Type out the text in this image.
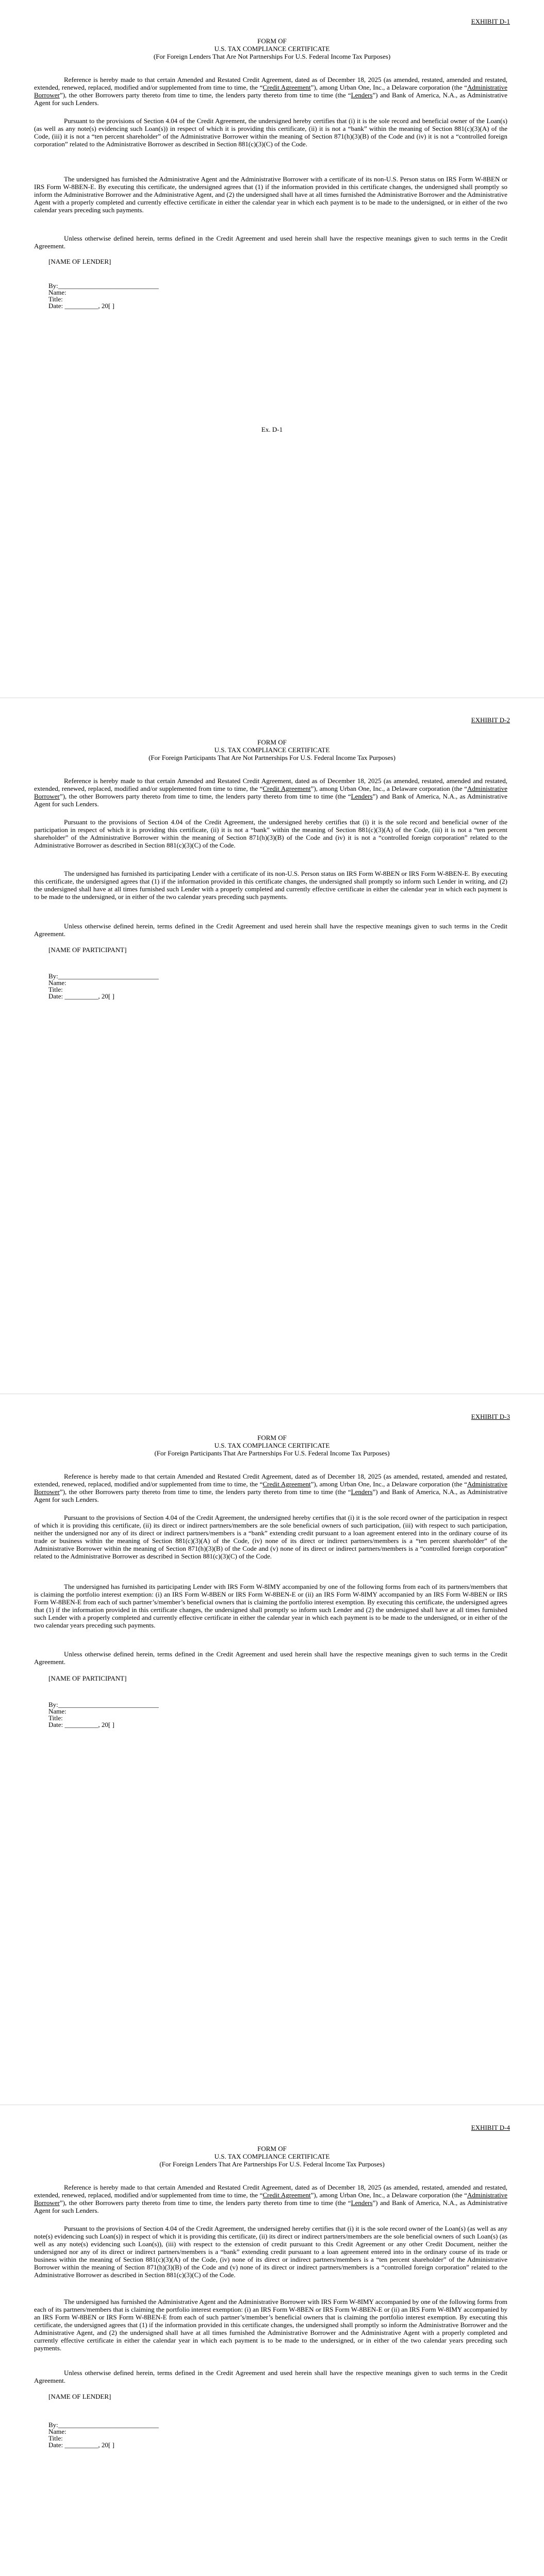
EXHIBIT D-1
FORM OF
U.S. TAX COMPLIANCE CERTIFICATE
(For Foreign Lenders That Are Not Partnerships For U.S. Federal Income Tax Purposes)

Reference is hereby made to that certain Amended and Restated Credit Agreement, dated as of December 18, 2025 (as amended, restated, amended and restated, extended, renewed, replaced, modified and/or supplemented from time to time, the “Credit Agreement”), among Urban One, Inc., a Delaware corporation (the “Administrative Borrower”), the other Borrowers party thereto from time to time, the lenders party thereto from time to time (the “Lenders”) and Bank of America, N.A., as Administrative Agent for such Lenders.

Pursuant to the provisions of Section 4.04 of the Credit Agreement, the undersigned hereby certifies that (i) it is the sole record and beneficial owner of the Loan(s) (as well as any note(s) evidencing such Loan(s)) in respect of which it is providing this certificate, (ii) it is not a “bank” within the meaning of Section 881(c)(3)(A) of the Code, (iii) it is not a “ten percent shareholder” of the Administrative Borrower within the meaning of Section 871(h)(3)(B) of the Code and (iv) it is not a “controlled foreign corporation” related to the Administrative Borrower as described in Section 881(c)(3)(C) of the Code.

The undersigned has furnished the Administrative Agent and the Administrative Borrower with a certificate of its non-U.S. Person status on IRS Form W-8BEN or IRS Form W-8BEN-E. By executing this certificate, the undersigned agrees that (1) if the information provided in this certificate changes, the undersigned shall promptly so inform the Administrative Borrower and the Administrative Agent, and (2) the undersigned shall have at all times furnished the Administrative Borrower and the Administrative Agent with a properly completed and currently effective certificate in either the calendar year in which each payment is to be made to the undersigned, or in either of the two calendar years preceding such payments.

Unless otherwise defined herein, terms defined in the Credit Agreement and used herein shall have the respective meanings given to such terms in the Credit Agreement.

[NAME OF LENDER]
By:______________________________
Name:
Title:
Date: __________, 20[ ]
Ex. D-1
EXHIBIT D-2
FORM OF
U.S. TAX COMPLIANCE CERTIFICATE
(For Foreign Participants That Are Not Partnerships For U.S. Federal Income Tax Purposes)

Reference is hereby made to that certain Amended and Restated Credit Agreement, dated as of December 18, 2025 (as amended, restated, amended and restated, extended, renewed, replaced, modified and/or supplemented from time to time, the “Credit Agreement”), among Urban One, Inc., a Delaware corporation (the “Administrative Borrower”), the other Borrowers party thereto from time to time, the lenders party thereto from time to time (the “Lenders”) and Bank of America, N.A., as Administrative Agent for such Lenders.

Pursuant to the provisions of Section 4.04 of the Credit Agreement, the undersigned hereby certifies that (i) it is the sole record and beneficial owner of the participation in respect of which it is providing this certificate, (ii) it is not a “bank” within the meaning of Section 881(c)(3)(A) of the Code, (iii) it is not a “ten percent shareholder” of the Administrative Borrower within the meaning of Section 871(h)(3)(B) of the Code and (iv) it is not a “controlled foreign corporation” related to the Administrative Borrower as described in Section 881(c)(3)(C) of the Code.

The undersigned has furnished its participating Lender with a certificate of its non-U.S. Person status on IRS Form W-8BEN or IRS Form W-8BEN-E. By executing this certificate, the undersigned agrees that (1) if the information provided in this certificate changes, the undersigned shall promptly so inform such Lender in writing, and (2) the undersigned shall have at all times furnished such Lender with a properly completed and currently effective certificate in either the calendar year in which each payment is to be made to the undersigned, or in either of the two calendar years preceding such payments.

Unless otherwise defined herein, terms defined in the Credit Agreement and used herein shall have the respective meanings given to such terms in the Credit Agreement.

[NAME OF PARTICIPANT]
By:______________________________
Name:
Title:
Date: __________, 20[ ]
EXHIBIT D-3
FORM OF
U.S. TAX COMPLIANCE CERTIFICATE
(For Foreign Participants That Are Partnerships For U.S. Federal Income Tax Purposes)

Reference is hereby made to that certain Amended and Restated Credit Agreement, dated as of December 18, 2025 (as amended, restated, amended and restated, extended, renewed, replaced, modified and/or supplemented from time to time, the “Credit Agreement”), among Urban One, Inc., a Delaware corporation (the “Administrative Borrower”), the other Borrowers party thereto from time to time, the lenders party thereto from time to time (the “Lenders”) and Bank of America, N.A., as Administrative Agent for such Lenders.

Pursuant to the provisions of Section 4.04 of the Credit Agreement, the undersigned hereby certifies that (i) it is the sole record owner of the participation in respect of which it is providing this certificate, (ii) its direct or indirect partners/members are the sole beneficial owners of such participation, (iii) with respect to such participation, neither the undersigned nor any of its direct or indirect partners/members is a “bank” extending credit pursuant to a loan agreement entered into in the ordinary course of its trade or business within the meaning of Section 881(c)(3)(A) of the Code, (iv) none of its direct or indirect partners/members is a “ten percent shareholder” of the Administrative Borrower within the meaning of Section 871(h)(3)(B) of the Code and (v) none of its direct or indirect partners/members is a “controlled foreign corporation” related to the Administrative Borrower as described in Section 881(c)(3)(C) of the Code.

The undersigned has furnished its participating Lender with IRS Form W-8IMY accompanied by one of the following forms from each of its partners/members that is claiming the portfolio interest exemption: (i) an IRS Form W-8BEN or IRS Form W-8BEN-E or (ii) an IRS Form W-8IMY accompanied by an IRS Form W-8BEN or IRS Form W-8BEN-E from each of such partner’s/member’s beneficial owners that is claiming the portfolio interest exemption. By executing this certificate, the undersigned agrees that (1) if the information provided in this certificate changes, the undersigned shall promptly so inform such Lender and (2) the undersigned shall have at all times furnished such Lender with a properly completed and currently effective certificate in either the calendar year in which each payment is to be made to the undersigned, or in either of the two calendar years preceding such payments.

Unless otherwise defined herein, terms defined in the Credit Agreement and used herein shall have the respective meanings given to such terms in the Credit Agreement.

[NAME OF PARTICIPANT]
By:______________________________
Name:
Title:
Date: __________, 20[ ]
EXHIBIT D-4
FORM OF
U.S. TAX COMPLIANCE CERTIFICATE
(For Foreign Lenders That Are Partnerships For U.S. Federal Income Tax Purposes)

Reference is hereby made to that certain Amended and Restated Credit Agreement, dated as of December 18, 2025 (as amended, restated, amended and restated, extended, renewed, replaced, modified and/or supplemented from time to time, the “Credit Agreement”), among Urban One, Inc., a Delaware corporation (the “Administrative Borrower”), the other Borrowers party thereto from time to time, the lenders party thereto from time to time (the “Lenders”) and Bank of America, N.A., as Administrative Agent for such Lenders.

Pursuant to the provisions of Section 4.04 of the Credit Agreement, the undersigned hereby certifies that (i) it is the sole record owner of the Loan(s) (as well as any note(s) evidencing such Loan(s)) in respect of which it is providing this certificate, (ii) its direct or indirect partners/members are the sole beneficial owners of such Loan(s) (as well as any note(s) evidencing such Loan(s)), (iii) with respect to the extension of credit pursuant to this Credit Agreement or any other Credit Document, neither the undersigned nor any of its direct or indirect partners/members is a “bank” extending credit pursuant to a loan agreement entered into in the ordinary course of its trade or business within the meaning of Section 881(c)(3)(A) of the Code, (iv) none of its direct or indirect partners/members is a “ten percent shareholder” of the Administrative Borrower within the meaning of Section 871(h)(3)(B) of the Code and (v) none of its direct or indirect partners/members is a “controlled foreign corporation” related to the Administrative Borrower as described in Section 881(c)(3)(C) of the Code.

The undersigned has furnished the Administrative Agent and the Administrative Borrower with IRS Form W-8IMY accompanied by one of the following forms from each of its partners/members that is claiming the portfolio interest exemption: (i) an IRS Form W-8BEN or IRS Form W-8BEN-E or (ii) an IRS Form W-8IMY accompanied by an IRS Form W-8BEN or IRS Form W-8BEN-E from each of such partner’s/member’s beneficial owners that is claiming the portfolio interest exemption. By executing this certificate, the undersigned agrees that (1) if the information provided in this certificate changes, the undersigned shall promptly so inform the Administrative Borrower and the Administrative Agent, and (2) the undersigned shall have at all times furnished the Administrative Borrower and the Administrative Agent with a properly completed and currently effective certificate in either the calendar year in which each payment is to be made to the undersigned, or in either of the two calendar years preceding such payments.

Unless otherwise defined herein, terms defined in the Credit Agreement and used herein shall have the respective meanings given to such terms in the Credit Agreement.

[NAME OF LENDER]
By:______________________________
Name:
Title:
Date: __________, 20[ ]
